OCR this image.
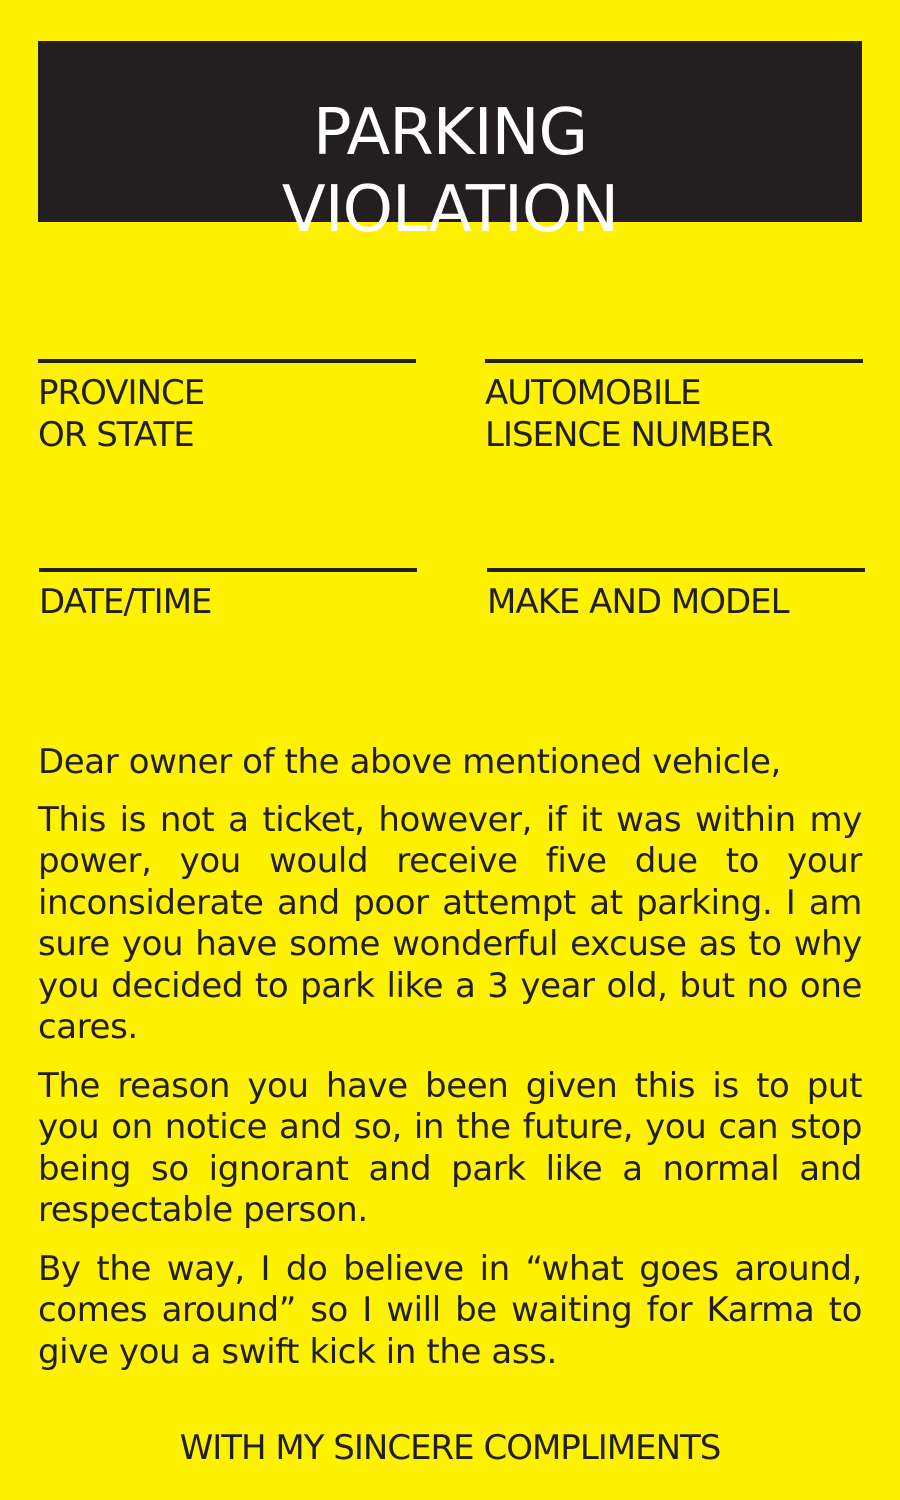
PARKING
VIOLATION
PROVINCE
OR STATE
AUTOMOBILE
LISENCE NUMBER
DATE/TIME	MAKE AND MODEL

Dear owner of the above mentioned vehicle,

This is not a ticket, however, if it was within my power, you would receive five due to your inconsiderate and poor attempt at parking. I am sure you have some wonderful excuse as to why you decided to park like a 3 year old, but no one cares.

The reason you have been given this is to put you on notice and so, in the future, you can stop being so ignorant and park like a normal and respectable person.

By the way, I do believe in “what goes around, comes around” so I will be waiting for Karma to give you a swift kick in the ass.

WITH MY SINCERE COMPLIMENTS
